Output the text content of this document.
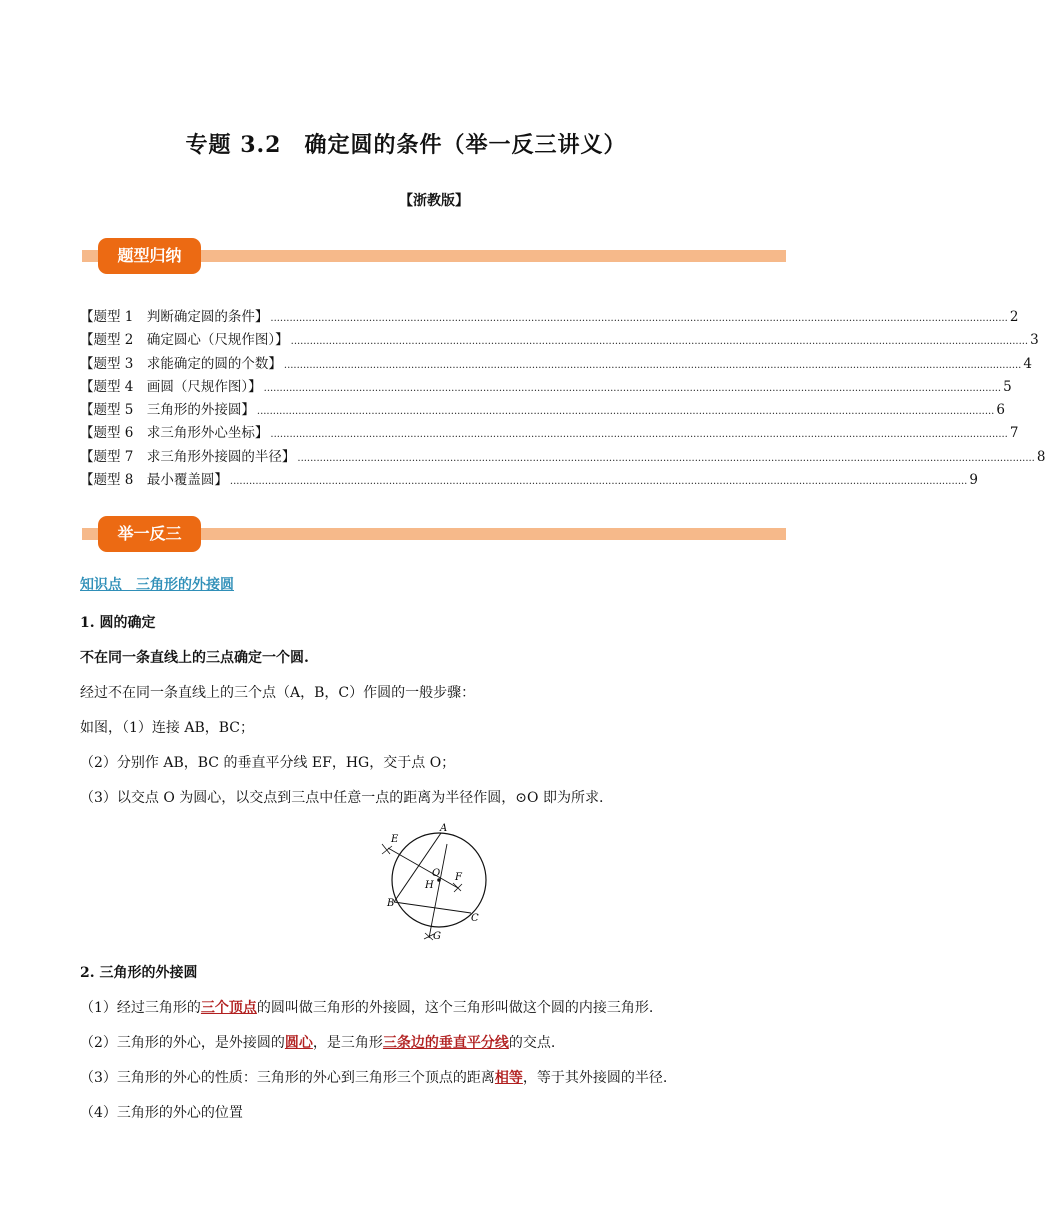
专题 3.2　确定圆的条件（举一反三讲义）
【浙教版】
题型归纳
【题型 1　判断确定圆的条件】 ........................................................................................................................................................................................................................................ 2
【题型 2　确定圆心（尺规作图）】 ........................................................................................................................................................................................................................................ 3
【题型 3　求能确定的圆的个数】 ........................................................................................................................................................................................................................................ 4
【题型 4　画圆（尺规作图）】 ........................................................................................................................................................................................................................................ 5
【题型 5　三角形的外接圆】 ........................................................................................................................................................................................................................................ 6
【题型 6　求三角形外心坐标】 ........................................................................................................................................................................................................................................ 7
【题型 7　求三角形外接圆的半径】 ........................................................................................................................................................................................................................................ 8
【题型 8　最小覆盖圆】 ........................................................................................................................................................................................................................................ 9
举一反三
知识点　三角形的外接圆
1. 圆的确定
不在同一条直线上的三点确定一个圆.
经过不在同一条直线上的三个点（A，B，C）作圆的一般步骤：
如图，（1）连接 AB，BC；
（2）分别作 AB，BC 的垂直平分线 EF，HG，交于点 O；
（3）以交点 O 为圆心，以交点到三点中任意一点的距离为半径作圆，⊙O 即为所求.
A
B
C
E
F
G
H
O
2. 三角形的外接圆
（1）经过三角形的三个顶点的圆叫做三角形的外接圆，这个三角形叫做这个圆的内接三角形.
（2）三角形的外心，是外接圆的圆心，是三角形三条边的垂直平分线的交点.
（3）三角形的外心的性质：三角形的外心到三角形三个顶点的距离相等，等于其外接圆的半径.
（4）三角形的外心的位置
